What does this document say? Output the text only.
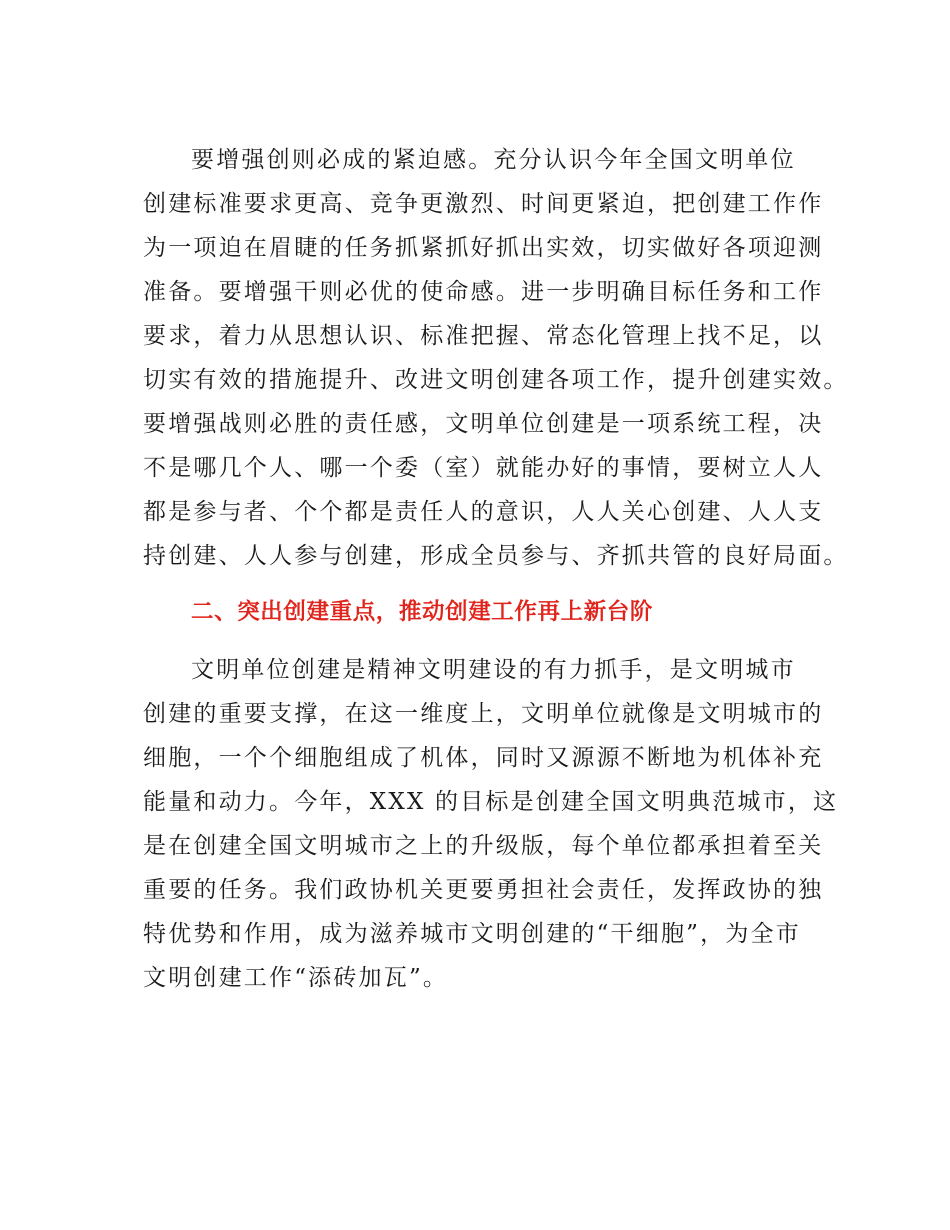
要增强创则必成的紧迫感。充分认识今年全国文明单位
创建标准要求更高、竞争更激烈、时间更紧迫，把创建工作作
为一项迫在眉睫的任务抓紧抓好抓出实效，切实做好各项迎测
准备。要增强干则必优的使命感。进一步明确目标任务和工作
要求，着力从思想认识、标准把握、常态化管理上找不足，以
切实有效的措施提升、改进文明创建各项工作，提升创建实效。
要增强战则必胜的责任感，文明单位创建是一项系统工程，决
不是哪几个人、哪一个委（室）就能办好的事情，要树立人人
都是参与者、个个都是责任人的意识，人人关心创建、人人支
持创建、人人参与创建，形成全员参与、齐抓共管的良好局面。
二、突出创建重点，推动创建工作再上新台阶
文明单位创建是精神文明建设的有力抓手，是文明城市
创建的重要支撑，在这一维度上，文明单位就像是文明城市的
细胞，一个个细胞组成了机体，同时又源源不断地为机体补充
能量和动力。今年，XXX 的目标是创建全国文明典范城市，这
是在创建全国文明城市之上的升级版，每个单位都承担着至关
重要的任务。我们政协机关更要勇担社会责任，发挥政协的独
特优势和作用，成为滋养城市文明创建的“干细胞”，为全市
文明创建工作“添砖加瓦”。
